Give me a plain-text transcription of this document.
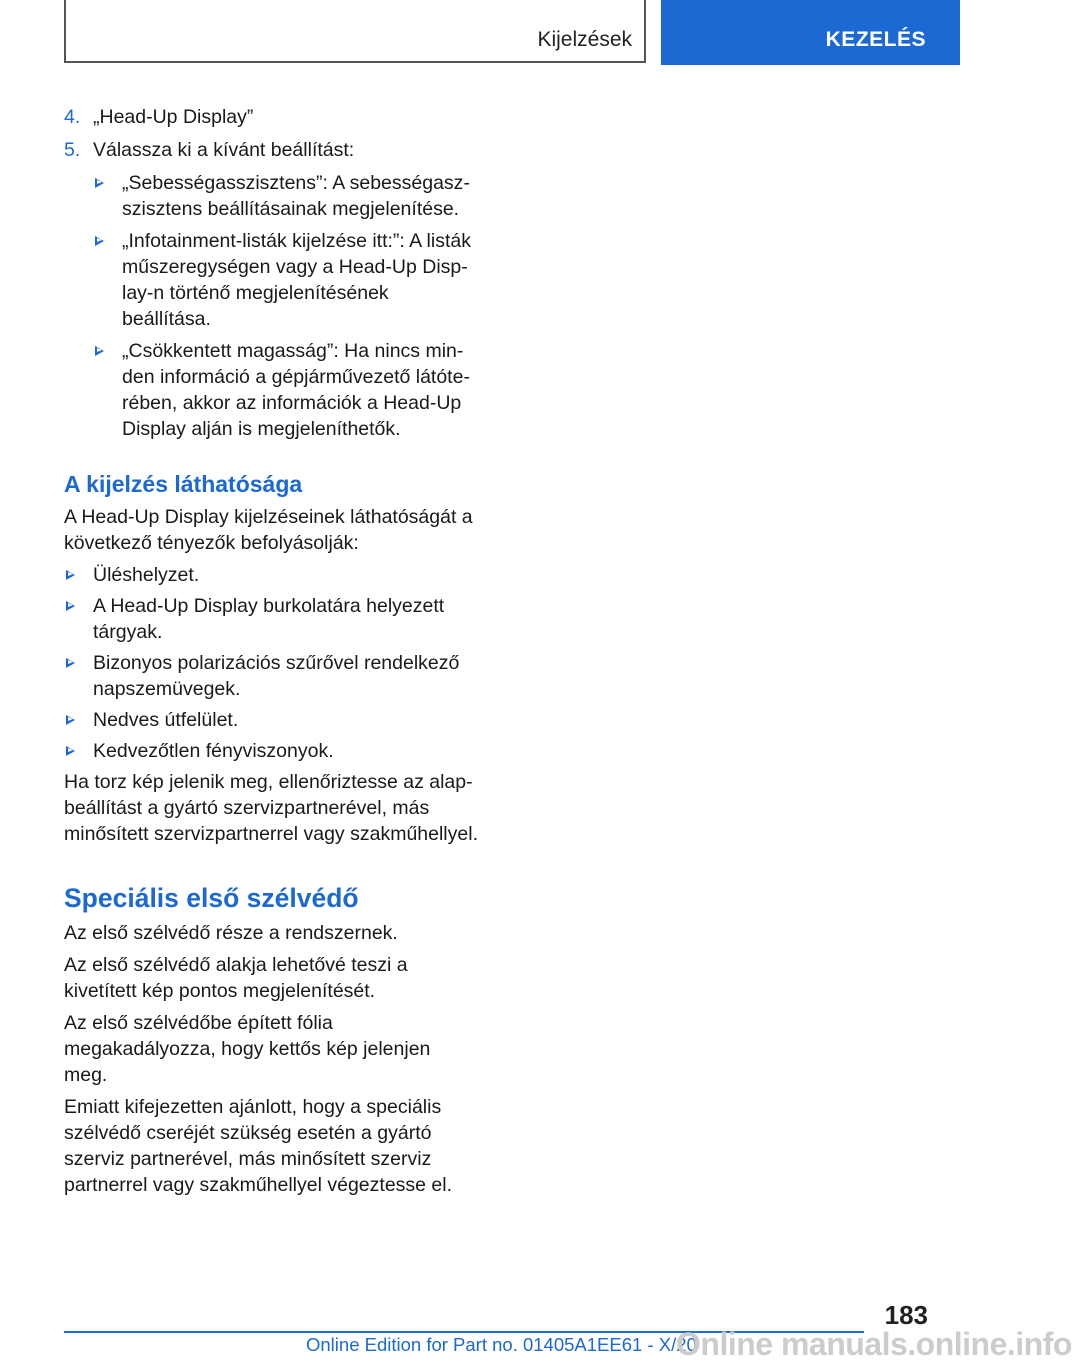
Kijelzések	KEZELÉS
4. „Head-Up Display”
5. Válassza ki a kívánt beállítást:
„Sebességasszisztens”: A sebességaszszisztens beállításainak megjelenítése.
„Infotainment-listák kijelzése itt:”: A listák műszeregységen vagy a Head-Up Display-n történő megjelenítésének beállítása.
„Csökkentett magasság”: Ha nincs minden információ a gépjárművezető látóterében, akkor az információk a Head-Up Display alján is megjeleníthetők.
A kijelzés láthatósága

A Head-Up Display kijelzéseinek láthatóságát a következő tényezők befolyásolják:

Üléshelyzet.
A Head-Up Display burkolatára helyezett tárgyak.
Bizonyos polarizációs szűrővel rendelkező napszemüvegek.
Nedves útfelület.
Kedvezőtlen fényviszonyok.

Ha torz kép jelenik meg, ellenőriztesse az alapbeállítást a gyártó szervizpartnerével, más minősített szervizpartnerrel vagy szakműhellyel.

Speciális első szélvédő

Az első szélvédő része a rendszernek.

Az első szélvédő alakja lehetővé teszi a kivetített kép pontos megjelenítését.

Az első szélvédőbe épített fólia megakadályozza, hogy kettős kép jelenjen meg.

Emiatt kifejezetten ajánlott, hogy a speciális szélvédő cseréjét szükség esetén a gyártó szerviz partnerével, más minősített szerviz partnerrel vagy szakműhellyel végeztesse el.

183
Online Edition for Part no. 01405A1EE61 - X/20
Online manuals.online.info
